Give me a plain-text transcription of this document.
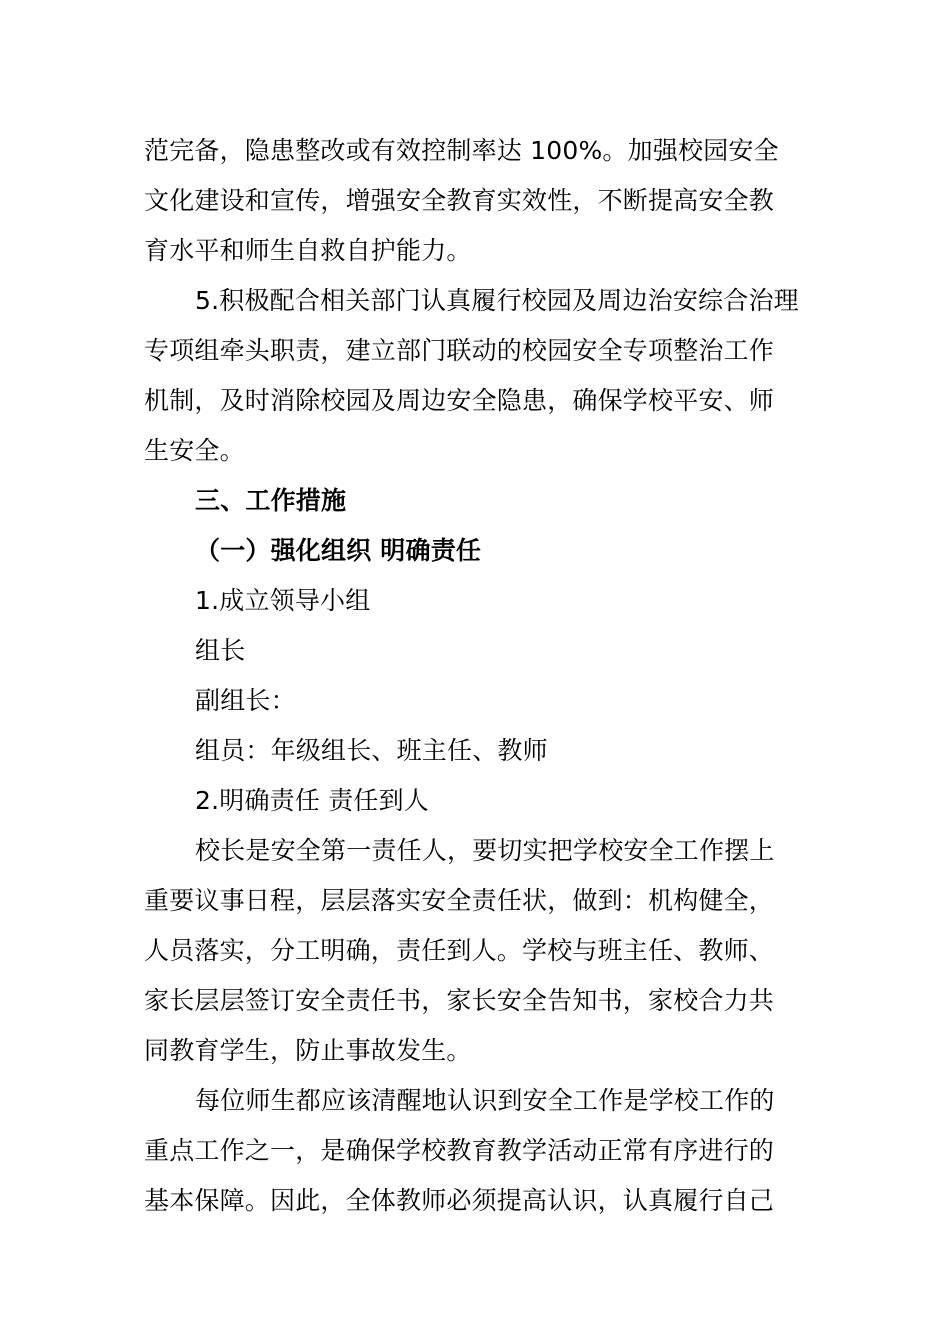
范完备，隐患整改或有效控制率达 100%。加强校园安全
文化建设和宣传，增强安全教育实效性，不断提高安全教
育水平和师生自救自护能力。
5.积极配合相关部门认真履行校园及周边治安综合治理
专项组牵头职责，建立部门联动的校园安全专项整治工作
机制，及时消除校园及周边安全隐患，确保学校平安、师
生安全。
三、工作措施
（一）强化组织 明确责任
1.成立领导小组
组长
副组长：
组员：年级组长、班主任、教师
2.明确责任 责任到人
校长是安全第一责任人，要切实把学校安全工作摆上
重要议事日程，层层落实安全责任状，做到：机构健全，
人员落实，分工明确，责任到人。学校与班主任、教师、
家长层层签订安全责任书，家长安全告知书，家校合力共
同教育学生，防止事故发生。
每位师生都应该清醒地认识到安全工作是学校工作的
重点工作之一，是确保学校教育教学活动正常有序进行的
基本保障。因此，全体教师必须提高认识，认真履行自己
